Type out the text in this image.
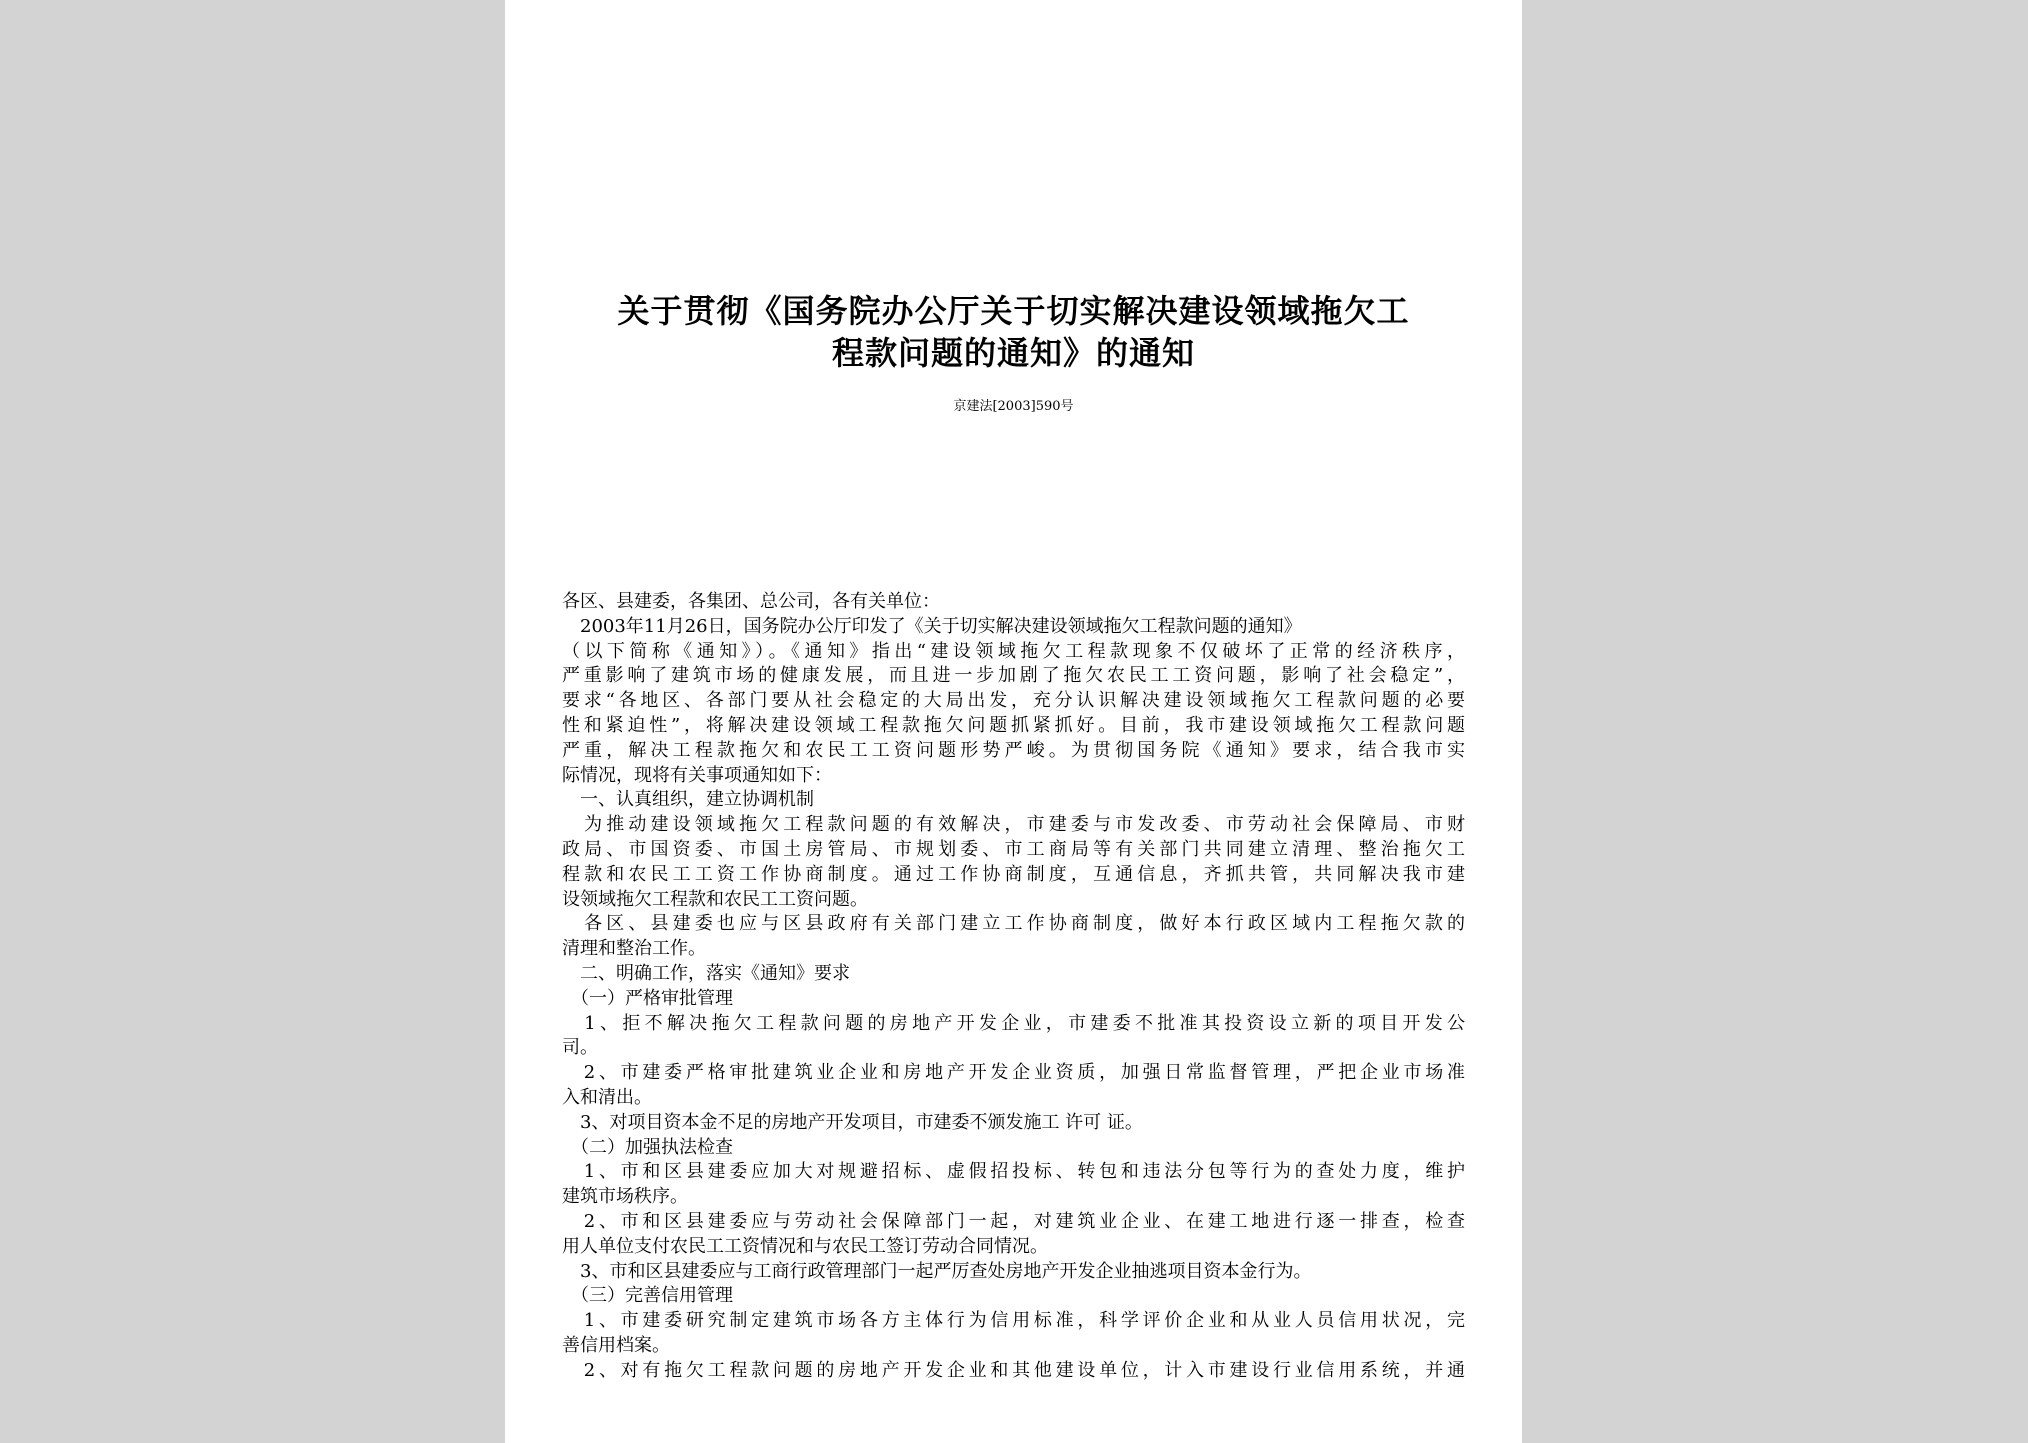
关于贯彻《国务院办公厅关于切实解决建设领域拖欠工
程款问题的通知》的通知
京建法[2003]590号
各区、县建委，各集团、总公司，各有关单位：
　2003年11月26日，国务院办公厅印发了《关于切实解决建设领域拖欠工程款问题的通知》
（以下简称《通知》）。《通知》指出“建设领域拖欠工程款现象不仅破坏了正常的经济秩序，
严重影响了建筑市场的健康发展，而且进一步加剧了拖欠农民工工资问题，影响了社会稳定”，
要求“各地区、各部门要从社会稳定的大局出发，充分认识解决建设领域拖欠工程款问题的必要
性和紧迫性”，将解决建设领域工程款拖欠问题抓紧抓好。目前，我市建设领域拖欠工程款问题
严重，解决工程款拖欠和农民工工资问题形势严峻。为贯彻国务院《通知》要求，结合我市实
际情况，现将有关事项通知如下：
　一、认真组织，建立协调机制
　为推动建设领域拖欠工程款问题的有效解决，市建委与市发改委、市劳动社会保障局、市财
政局、市国资委、市国土房管局、市规划委、市工商局等有关部门共同建立清理、整治拖欠工
程款和农民工工资工作协商制度。通过工作协商制度，互通信息，齐抓共管，共同解决我市建
设领域拖欠工程款和农民工工资问题。
　各区、县建委也应与区县政府有关部门建立工作协商制度，做好本行政区域内工程拖欠款的
清理和整治工作。
　二、明确工作，落实《通知》要求
　（一）严格审批管理
　1、拒不解决拖欠工程款问题的房地产开发企业，市建委不批准其投资设立新的项目开发公
司。
　2、市建委严格审批建筑业企业和房地产开发企业资质，加强日常监督管理，严把企业市场准
入和清出。
　3、对项目资本金不足的房地产开发项目，市建委不颁发施工 许可 证。
　（二）加强执法检查
　1、市和区县建委应加大对规避招标、虚假招投标、转包和违法分包等行为的查处力度，维护
建筑市场秩序。
　2、市和区县建委应与劳动社会保障部门一起，对建筑业企业、在建工地进行逐一排查，检查
用人单位支付农民工工资情况和与农民工签订劳动合同情况。
　3、市和区县建委应与工商行政管理部门一起严厉查处房地产开发企业抽逃项目资本金行为。
　（三）完善信用管理
　1、市建委研究制定建筑市场各方主体行为信用标准，科学评价企业和从业人员信用状况，完
善信用档案。
　2、对有拖欠工程款问题的房地产开发企业和其他建设单位，计入市建设行业信用系统，并通
